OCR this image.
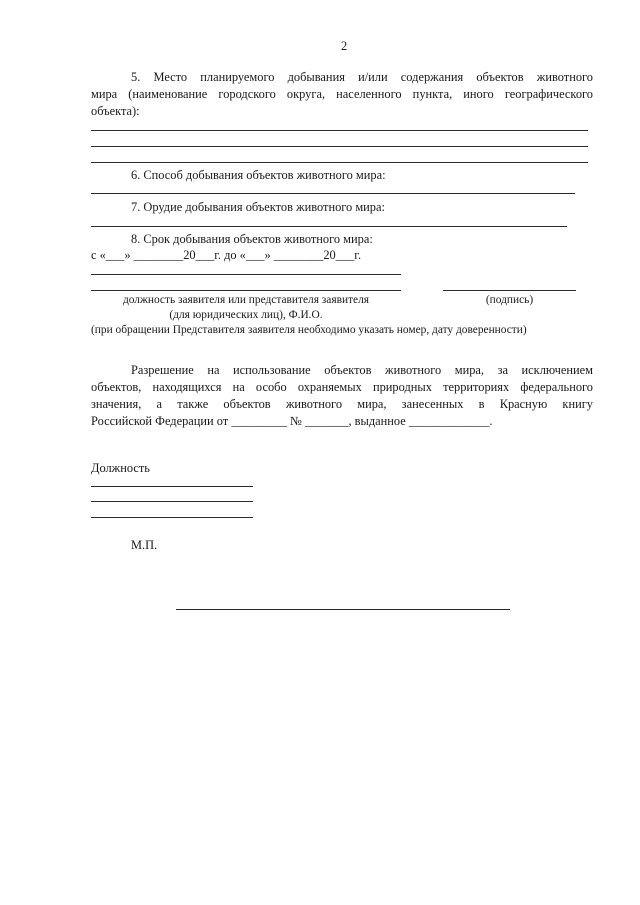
2
5. Место планируемого добывания и/или содержания объектов животного
мира (наименование городского округа, населенного пункта, иного географического
объекта):
6. Способ добывания объектов животного мира:
7. Орудие добывания объектов животного мира:
8. Срок добывания объектов животного мира:
с «___» ________20___г. до «___» ________20___г.
должность заявителя или представителя заявителя	(подпись)
(для юридических лиц), Ф.И.О.
(при обращении Представителя заявителя необходимо указать номер, дату доверенности)
Разрешение на использование объектов животного мира, за исключением
объектов, находящихся на особо охраняемых природных территориях федерального
значения, а также объектов животного мира, занесенных в Красную книгу
Российской Федерации от _________ № _______, выданное _____________.
Должность
М.П.
